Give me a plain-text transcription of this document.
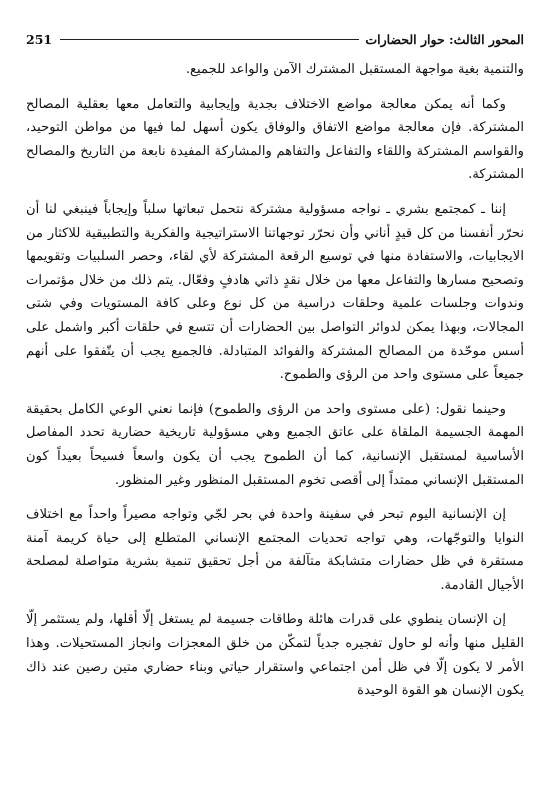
المحور الثالث: حوار الحضارات
251

والتنمية بغية مواجهة المستقبل المشترك الآمن والواعد للجميع.

وكما أنه يمكن معالجة مواضع الاختلاف بجدية وإيجابية والتعامل معها بعقلية المصالح المشتركة. فإن معالجة مواضع الاتفاق والوفاق يكون أسهل لما فيها من مواطن التوحيد، والقواسم المشتركة واللقاء والتفاعل والتفاهم والمشاركة المفيدة نابعة من التاريخ والمصالح المشتركة.

إننا ـ كمجتمع بشري ـ نواجه مسؤولية مشتركة نتحمل تبعاتها سلباً وإيجاباً فينبغي لنا أن نحرّر أنفسنا من كل قيدٍ أناني وأن نحرّر توجهاتنا الاستراتيجية والفكرية والتطبيقية للاكثار من الايجابيات، والاستفادة منها في توسيع الرقعة المشتركة لأي لقاء، وحصر السلبيات وتقويمها وتصحيح مسارها والتفاعل معها من خلال نقدٍ ذاتي هادفٍ وفعّال. يتم ذلك من خلال مؤتمرات وندوات وجلسات علمية وحلقات دراسية من كل نوع وعلى كافة المستويات وفي شتى المجالات، وبهذا يمكن لدوائر التواصل بين الحضارات أن تتسع في حلقات أكبر واشمل على أسس موحّدة من المصالح المشتركة والفوائد المتبادلة. فالجميع يجب أن يتّفقوا على أنهم جميعاً على مستوى واحد من الرؤى والطموح.

وحينما نقول: (على مستوى واحد من الرؤى والطموح) فإنما نعني الوعي الكامل بحقيقة المهمة الجسيمة الملقاة على عاتق الجميع وهي مسؤولية تاريخية حضارية تحدد المفاصل الأساسية لمستقبل الإنسانية، كما أن الطموح يجب أن يكون واسعاً فسيحاً بعيداً كون المستقبل الإنساني ممتداً إلى أقصى تخوم المستقبل المنظور وغير المنظور.

إن الإنسانية اليوم تبحر في سفينة واحدة في بحر لجّي وتواجه مصيراً واحداً مع اختلاف النوايا والتوجّهات، وهي تواجه تحديات المجتمع الإنساني المتطلع إلى حياة كريمة آمنة مستقرة في ظل حضارات متشابكة متآلفة من أجل تحقيق تنمية بشرية متواصلة لمصلحة الأجيال القادمة.

إن الإنسان ينطوي على قدرات هائلة وطاقات جسيمة لم يستغل إلّا أقلها، ولم يستثمر إلّا القليل منها وأنه لو حاول تفجيره جدياً لتمكّن من خلق المعجزات وانجاز المستحيلات. وهذا الأمر لا يكون إلّا في ظل أمن اجتماعي واستقرار حياتي وبناء حضاري متين رصين عند ذاك يكون الإنسان هو القوة الوحيدة
